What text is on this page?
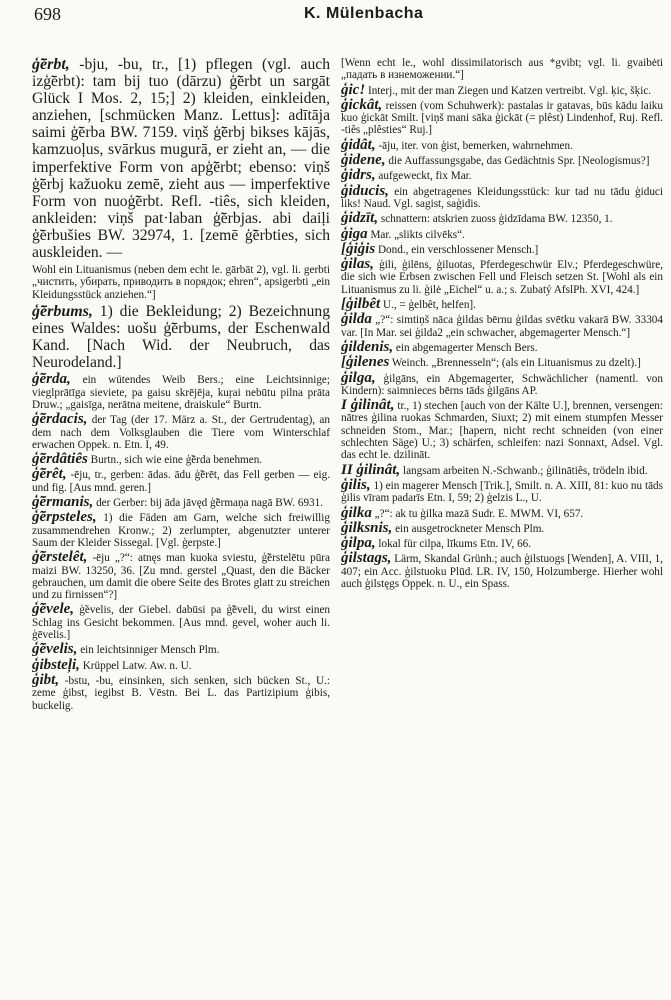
698	K. Mülenbacha

ģ̃ērbt, -bju, -bu, tr., [1) pflegen (vgl. auch izģ̃ērbt): tam bij tuo (dārzu) ģ̃ērbt un sargāt Glück I Mos. 2, 15;] 2) kleiden, einkleiden, anziehen, [schmücken Manz. Lettus]: adītāja saimi ģ̃ērba BW. 7159. viņš ģ̃ērbj bikses kājās, kamzuoļus, svārkus mugurā, er zieht an, — die imperfektive Form von apģ̃ērbt; ebenso: viņš ģ̃ērbj kažuoku zemē, zieht aus — imperfektive Form von nuoģ̃ērbt. Refl. -tiês, sich kleiden, ankleiden: viņš pat·laban ģ̃ērbjas. abi daiļi ģ̃ērbušies BW. 32974, 1. [zemē ģ̃ērbties, sich auskleiden. —

Wohl ein Lituanismus (neben dem echt le. gārbāt 2), vgl. li. gerbti „чистить, убирать, приводить в порядок; ehren“, apsigerbti „ein Kleidungsstück anziehen.“]

ģ̃ērbums, 1) die Bekleidung; 2) Bezeichnung eines Waldes: uošu ģ̃ērbums, der Eschenwald Kand. [Nach Wid. der Neubruch, das Neurodeland.]

ģ̃ērda, ein wütendes Weib Bers.; eine Leichtsinnige; vieglprātīga sieviete, pa gaisu skrējēja, kuŗai nebūtu pilna prāta Druw.; „gaisīga, nerātna meitene, draiskule“ Burtn.

ģ̃ērdacis, der Tag (der 17. März a. St., der Gertrudentag), an dem nach dem Volksglauben die Tiere vom Winterschlaf erwachen Oppek. n. Etn. I, 49.

ģ̃ērdâtiês Burtn., sich wie eine ģ̃ērda benehmen.

ģ̃ērêt, -ēju, tr., gerben: ādas. ādu ģ̃ērēt, das Fell gerben — eig. und fig. [Aus mnd. geren.]

ģ̃ērmanis, der Gerber: bij āda jāvęd ģ̃ērmaņa nagā BW. 6931.

ģ̃ērpsteles, 1) die Fäden am Garn, welche sich freiwillig zusammendrehen Kronw.; 2) zerlumpter, abgenutzter unterer Saum der Kleider Sissegal. [Vgl. ģerpste.]

ģ̃ērstelêt, -ēju „?“: atnęs man kuoka sviestu, ģ̃ērstelētu pūra maizi BW. 13250, 36. [Zu mnd. gerstel „Quast, den die Bäcker gebrauchen, um damit die obere Seite des Brotes glatt zu streichen und zu firnissen“?]

ģ̃ēvele, ģ̃evelis, der Giebel. dabūsi pa ģ̃ēveli, du wirst einen Schlag ins Gesicht bekommen. [Aus mnd. gevel, woher auch li. ģēvelis.]

ģ̃ēvelis, ein leichtsinniger Mensch Plm.

ģibsteļi, Krüppel Latw. Aw. n. U.

ģibt, -bstu, -bu, einsinken, sich senken, sich bücken St., U.: zeme ģibst, iegibst B. Vēstn. Bei L. das Partizipium ģibis, buckelig.

[Wenn echt le., wohl dissimilatorisch aus *gvibt; vgl. li. gvaibėti „падать в изнеможении.“]

ģic! Interj., mit der man Ziegen und Katzen vertreibt. Vgl. ķic, šķic.

ģickât, reissen (vom Schuhwerk): pastalas ir gatavas, būs kādu laiku kuo ģickāt Smilt. [viņš mani sāka ģickāt (= plêst) Lindenhof, Ruj. Refl. -tiês „plêsties“ Ruj.]

ģidât, -āju, iter. von ģist, bemerken, wahrnehmen.

ģidene, die Auffassungsgabe, das Gedächtnis Spr. [Neologismus?]

ģidrs, aufgeweckt, fix Mar.

ģiducis, ein abgetragenes Kleidungsstück: kur tad nu tādu ģiduci liks! Naud. Vgl. sagist, saģidis.

ģidzīt, schnattern: atskrien zuoss ģidzīdama BW. 12350, 1.

ģiga Mar. „slikts cilvēks“.

[ģiģis Dond., ein verschlossener Mensch.]

ģilas, ģili, ģilēns, ģiluotas, Pferdegeschwür Elv.; Pferdegeschwüre, die sich wie Erbsen zwischen Fell und Fleisch setzen St. [Wohl als ein Lituanismus zu li. ģilė „Eichel“ u. a.; s. Zubatý AfslPh. XVI, 424.]

[ģilbêt U., = ģelbêt, helfen].

ģilda „?“: simtiņš nāca ģildas bērnu ģildas svētku vakarā BW. 33304 var. [In Mar. sei ģilda2 „ein schwacher, abgemagerter Mensch.“]

ģildenis, ein abgemagerter Mensch Bers.

[ģilenes Weinch. „Brennesseln“; (als ein Lituanismus zu dzelt).]

ģilga, ģilgāns, ein Abgemagerter, Schwächlicher (namentl. von Kindern): saimnieces bērns tāds ģilgāns AP.

I ģilinât, tr., 1) stechen [auch von der Kälte U.], brennen, versengen: nātres ģilina ruokas Schmarden, Siuxt; 2) mit einem stumpfen Messer schneiden Stom., Mar.; [hapern, nicht recht schneiden (von einer schlechten Säge) U.; 3) schärfen, schleifen: nazi Sonnaxt, Adsel. Vgl. das echt le. dzilināt.

II ģilinât, langsam arbeiten N.-Schwanb.; ģilinātiês, trödeln ibid.

ģilis, 1) ein magerer Mensch [Trik.], Smilt. n. A. XIII, 81: kuo nu tāds ģilis vīram padarīs Etn. I, 59; 2) ģelzis L., U.

ģilka „?“: ak tu ģilka mazā Sudr. E. MWM. VI, 657.

ģilksnis, ein ausgetrockneter Mensch Plm.

ģilpa, lokal für cilpa, līkums Etn. IV, 66.

ģilstags, Lärm, Skandal Grünh.; auch ģilstuogs [Wenden], A. VIII, 1, 407; ein Acc. ģilstuoku Plūd. LR. IV, 150, Holzumberge. Hierher wohl auch ģilstęgs Oppek. n. U., ein Spass.
